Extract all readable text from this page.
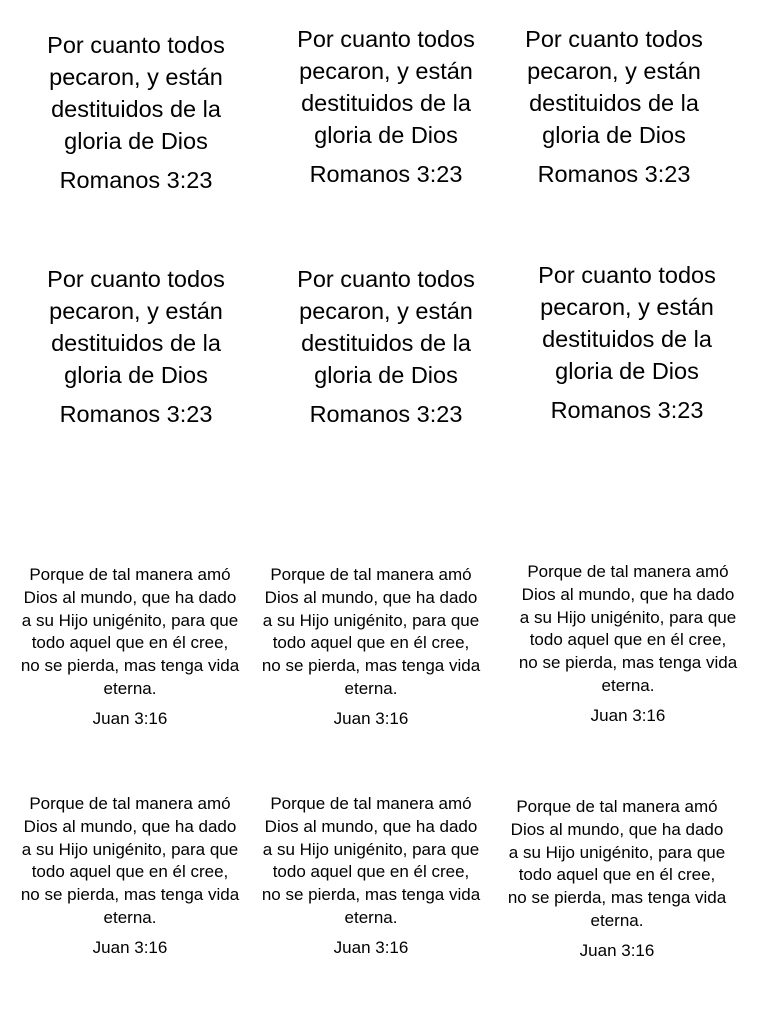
Por cuanto todos pecaron, y están destituidos de la gloria de Dios

Romanos 3:23

Por cuanto todos pecaron, y están destituidos de la gloria de Dios

Romanos 3:23

Por cuanto todos pecaron, y están destituidos de la gloria de Dios

Romanos 3:23

Por cuanto todos pecaron, y están destituidos de la gloria de Dios

Romanos 3:23

Por cuanto todos pecaron, y están destituidos de la gloria de Dios

Romanos 3:23

Por cuanto todos pecaron, y están destituidos de la gloria de Dios

Romanos 3:23

Porque de tal manera amó Dios al mundo, que ha dado a su Hijo unigénito, para que todo aquel que en él cree, no se pierda, mas tenga vida eterna.

Juan 3:16

Porque de tal manera amó Dios al mundo, que ha dado a su Hijo unigénito, para que todo aquel que en él cree, no se pierda, mas tenga vida eterna.

Juan 3:16

Porque de tal manera amó Dios al mundo, que ha dado a su Hijo unigénito, para que todo aquel que en él cree, no se pierda, mas tenga vida eterna.

Juan 3:16

Porque de tal manera amó Dios al mundo, que ha dado a su Hijo unigénito, para que todo aquel que en él cree, no se pierda, mas tenga vida eterna.

Juan 3:16

Porque de tal manera amó Dios al mundo, que ha dado a su Hijo unigénito, para que todo aquel que en él cree, no se pierda, mas tenga vida eterna.

Juan 3:16

Porque de tal manera amó Dios al mundo, que ha dado a su Hijo unigénito, para que todo aquel que en él cree, no se pierda, mas tenga vida eterna.

Juan 3:16
